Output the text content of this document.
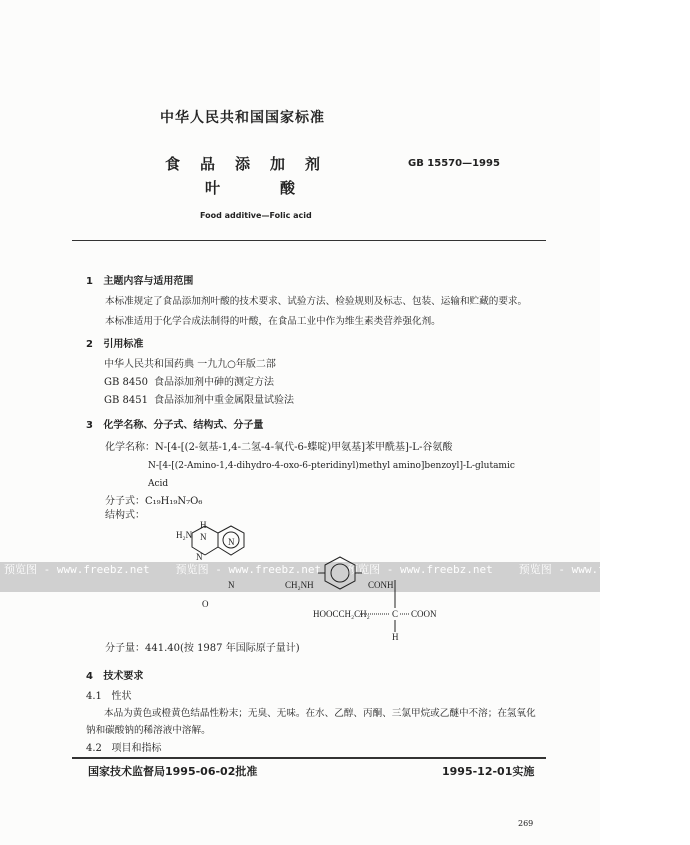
中华人民共和国国家标准
食品添加剂
叶酸
GB 15570—1995
Food additive—Folic acid
1 主题内容与适用范围
本标准规定了食品添加剂叶酸的技术要求、试验方法、检验规则及标志、包装、运输和贮藏的要求。
本标准适用于化学合成法制得的叶酸，在食品工业中作为维生素类营养强化剂。
2 引用标准
中华人民共和国药典 一九九○年版二部
GB 8450 食品添加剂中砷的测定方法
GB 8451 食品添加剂中重金属限量试验法
3 化学名称、分子式、结构式、分子量
化学名称：N-[4-[(2-氨基-1,4-二氢-4-氧代-6-蝶啶)甲氨基]苯甲酰基]-L-谷氨酸
N-[4-[(2-Amino-1,4-dihydro-4-oxo-6-pteridinyl)methyl amino]benzoyl]-L-glutamic
Acid
分子式：C₁₉H₁₉N₇O₆
结构式：
预览图 - www.freebz.net 预览图 - www.freebz.net 预览图 - www.freebz.net 预览图 - www.freebz.net
H
H₂N N
N
N
N
O
CH₂NH	CONH
HOOCCH₂CH₂ C COON
H
分子量：441.40(按 1987 年国际原子量计)
4 技术要求
4.1 性状
本品为黄色或橙黄色结晶性粉末；无臭、无味。在水、乙醇、丙酮、三氯甲烷或乙醚中不溶；在氢氧化
钠和碳酸钠的稀溶液中溶解。
4.2 项目和指标
国家技术监督局1995-06-02批准	1995-12-01实施
269
